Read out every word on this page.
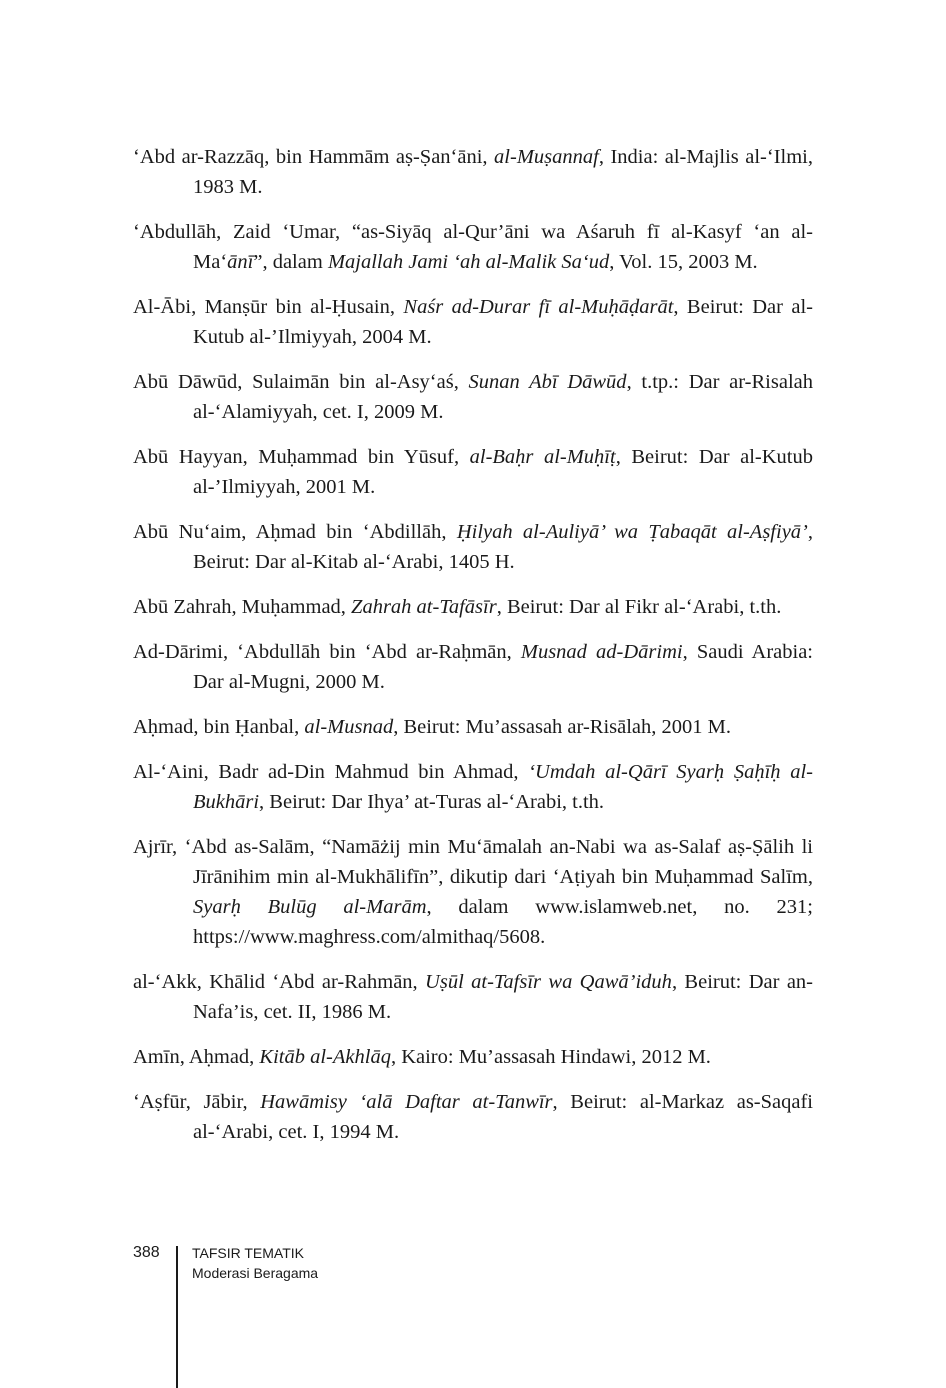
‘Abd ar-Razzāq, bin Hammām aṣ-Ṣan‘āni, al-Muṣannaf, India: al-Majlis al-‘Ilmi, 1983 M.

‘Abdullāh, Zaid ‘Umar, “as-Siyāq al-Qur’āni wa Aśaruh fī al-Kasyf ‘an al-Ma‘ānī”, dalam Majallah Jami ‘ah al-Malik Sa‘ud, Vol. 15, 2003 M.

Al-Ābi, Manṣūr bin al-Ḥusain, Naśr ad-Durar fī al-Muḥāḍarāt, Beirut: Dar al-Kutub al-’Ilmiyyah, 2004 M.

Abū Dāwūd, Sulaimān bin al-Asy‘aś, Sunan Abī Dāwūd, t.tp.: Dar ar-Risalah al-‘Alamiyyah, cet. I, 2009 M.

Abū Hayyan, Muḥammad bin Yūsuf, al-Baḥr al-Muḥīṭ, Beirut: Dar al-Kutub al-’Ilmiyyah, 2001 M.

Abū Nu‘aim, Aḥmad bin ‘Abdillāh, Ḥilyah al-Auliyā’ wa Ṭabaqāt al-Aṣfiyā’, Beirut: Dar al-Kitab al-‘Arabi, 1405 H.

Abū Zahrah, Muḥammad, Zahrah at-Tafāsīr, Beirut: Dar al Fikr al-‘Arabi, t.th.

Ad-Dārimi, ‘Abdullāh bin ‘Abd ar-Raḥmān, Musnad ad-Dārimi, Saudi Arabia: Dar al-Mugni, 2000 M.

Aḥmad, bin Ḥanbal, al-Musnad, Beirut: Mu’assasah ar-Risālah, 2001 M.

Al-‘Aini, Badr ad-Din Mahmud bin Ahmad, ‘Umdah al-Qārī Syarḥ Ṣaḥīḥ al-Bukhāri, Beirut: Dar Ihya’ at-Turas al-‘Arabi, t.th.

Ajrīr, ‘Abd as-Salām, “Namāżij min Mu‘āmalah an-Nabi wa as-Salaf aṣ-Ṣālih li Jīrānihim min al-Mukhālifīn”, dikutip dari ‘Aṭiyah bin Muḥammad Salīm, Syarḥ Bulūg al-Marām, dalam www.islamweb.net, no. 231; https://www.maghress.com/almithaq/5608.

al-‘Akk, Khālid ‘Abd ar-Rahmān, Uṣūl at-Tafsīr wa Qawā’iduh, Beirut: Dar an-Nafa’is, cet. II, 1986 M.

Amīn, Aḥmad, Kitāb al-Akhlāq, Kairo: Mu’assasah Hindawi, 2012 M.

‘Aṣfūr, Jābir, Hawāmisy ‘alā Daftar at-Tanwīr, Beirut: al-Markaz as-Saqafi al-‘Arabi, cet. I, 1994 M.

388 TAFSIR TEMATIK
Moderasi Beragama
